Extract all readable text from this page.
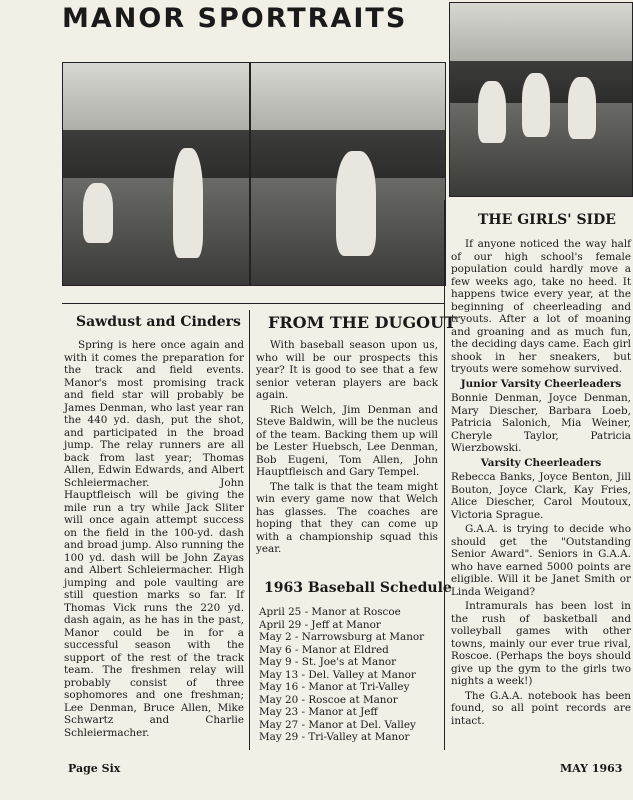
MANOR SPORTRAITS
Sawdust and Cinders

Spring is here once again and with it comes the preparation for the track and field events. Manor's most promising track and field star will probably be James Denman, who last year ran the 440 yd. dash, put the shot, and participated in the broad jump. The relay runners are all back from last year; Thomas Allen, Edwin Edwards, and Albert Schleiermacher. John Hauptfleisch will be giving the mile run a try while Jack Sliter will once again attempt success on the field in the 100-yd. dash and broad jump. Also running the 100 yd. dash will be John Zayas and Albert Schleiermacher. High jumping and pole vaulting are still question marks so far. If Thomas Vick runs the 220 yd. dash again, as he has in the past, Manor could be in for a successful season with the support of the rest of the track team. The freshmen relay will probably consist of three sophomores and one freshman; Lee Denman, Bruce Allen, Mike Schwartz and Charlie Schleiermacher.

FROM THE DUGOUT

With baseball season upon us, who will be our prospects this year? It is good to see that a few senior veteran players are back again.

Rich Welch, Jim Denman and Steve Baldwin, will be the nucleus of the team. Backing them up will be Lester Huebsch, Lee Denman, Bob Eugeni, Tom Allen, John Hauptfleisch and Gary Tempel.

The talk is that the team might win every game now that Welch has glasses. The coaches are hoping that they can come up with a championship squad this year.

1963 Baseball Schedule
April 25 - Manor at Roscoe
April 29 - Jeff at Manor
May 2 - Narrowsburg at Manor
May 6 - Manor at Eldred
May 9 - St. Joe's at Manor
May 13 - Del. Valley at Manor
May 16 - Manor at Tri-Valley
May 20 - Roscoe at Manor
May 23 - Manor at Jeff
May 27 - Manor at Del. Valley
May 29 - Tri-Valley at Manor
THE GIRLS' SIDE

If anyone noticed the way half of our high school's female population could hardly move a few weeks ago, take no heed. It happens twice every year, at the beginning of cheerleading and tryouts. After a lot of moaning and groaning and as much fun, the deciding days came. Each girl shook in her sneakers, but tryouts were somehow survived.

Junior Varsity Cheerleaders

Bonnie Denman, Joyce Denman, Mary Diescher, Barbara Loeb, Patricia Salonich, Mia Weiner, Cheryle Taylor, Patricia Wierzbowski.

Varsity Cheerleaders

Rebecca Banks, Joyce Benton, Jill Bouton, Joyce Clark, Kay Fries, Alice Diescher, Carol Moutoux, Victoria Sprague.

G.A.A. is trying to decide who should get the "Outstanding Senior Award". Seniors in G.A.A. who have earned 5000 points are eligible. Will it be Janet Smith or Linda Weigand?

Intramurals has been lost in the rush of basketball and volleyball games with other towns, mainly our ever true rival, Roscoe. (Perhaps the boys should give up the gym to the girls two nights a week!)

The G.A.A. notebook has been found, so all point records are intact.

Page Six	MAY 1963
